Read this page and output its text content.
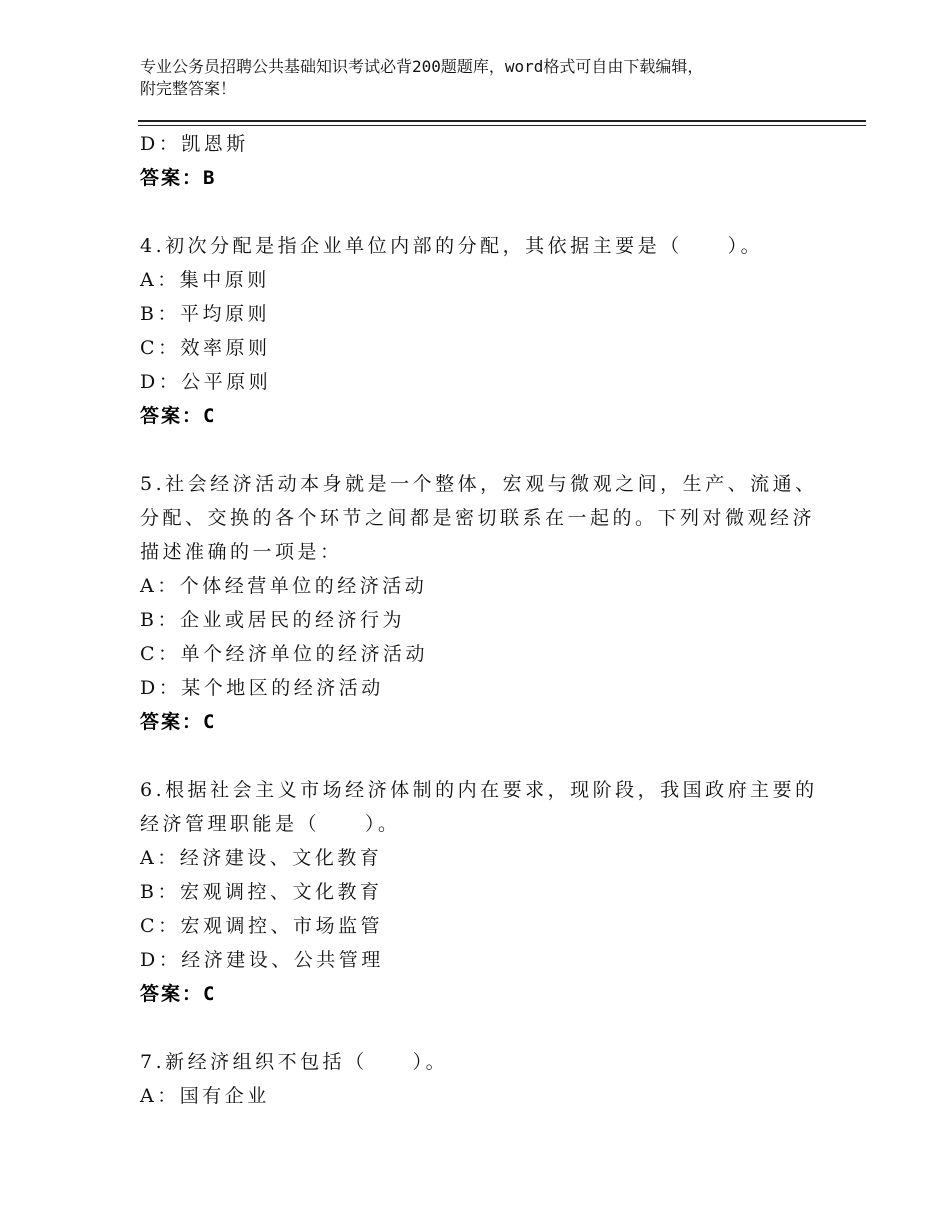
专业公务员招聘公共基础知识考试必背200题题库，word格式可自由下载编辑，
附完整答案！
D：凯恩斯
答案：B
4.初次分配是指企业单位内部的分配，其依据主要是（　　）。
A：集中原则
B：平均原则
C：效率原则
D：公平原则
答案：C
5.社会经济活动本身就是一个整体，宏观与微观之间，生产、流通、
分配、交换的各个环节之间都是密切联系在一起的。下列对微观经济
描述准确的一项是：
A：个体经营单位的经济活动
B：企业或居民的经济行为
C：单个经济单位的经济活动
D：某个地区的经济活动
答案：C
6.根据社会主义市场经济体制的内在要求，现阶段，我国政府主要的
经济管理职能是（　　）。
A：经济建设、文化教育
B：宏观调控、文化教育
C：宏观调控、市场监管
D：经济建设、公共管理
答案：C
7.新经济组织不包括（　　）。
A：国有企业
